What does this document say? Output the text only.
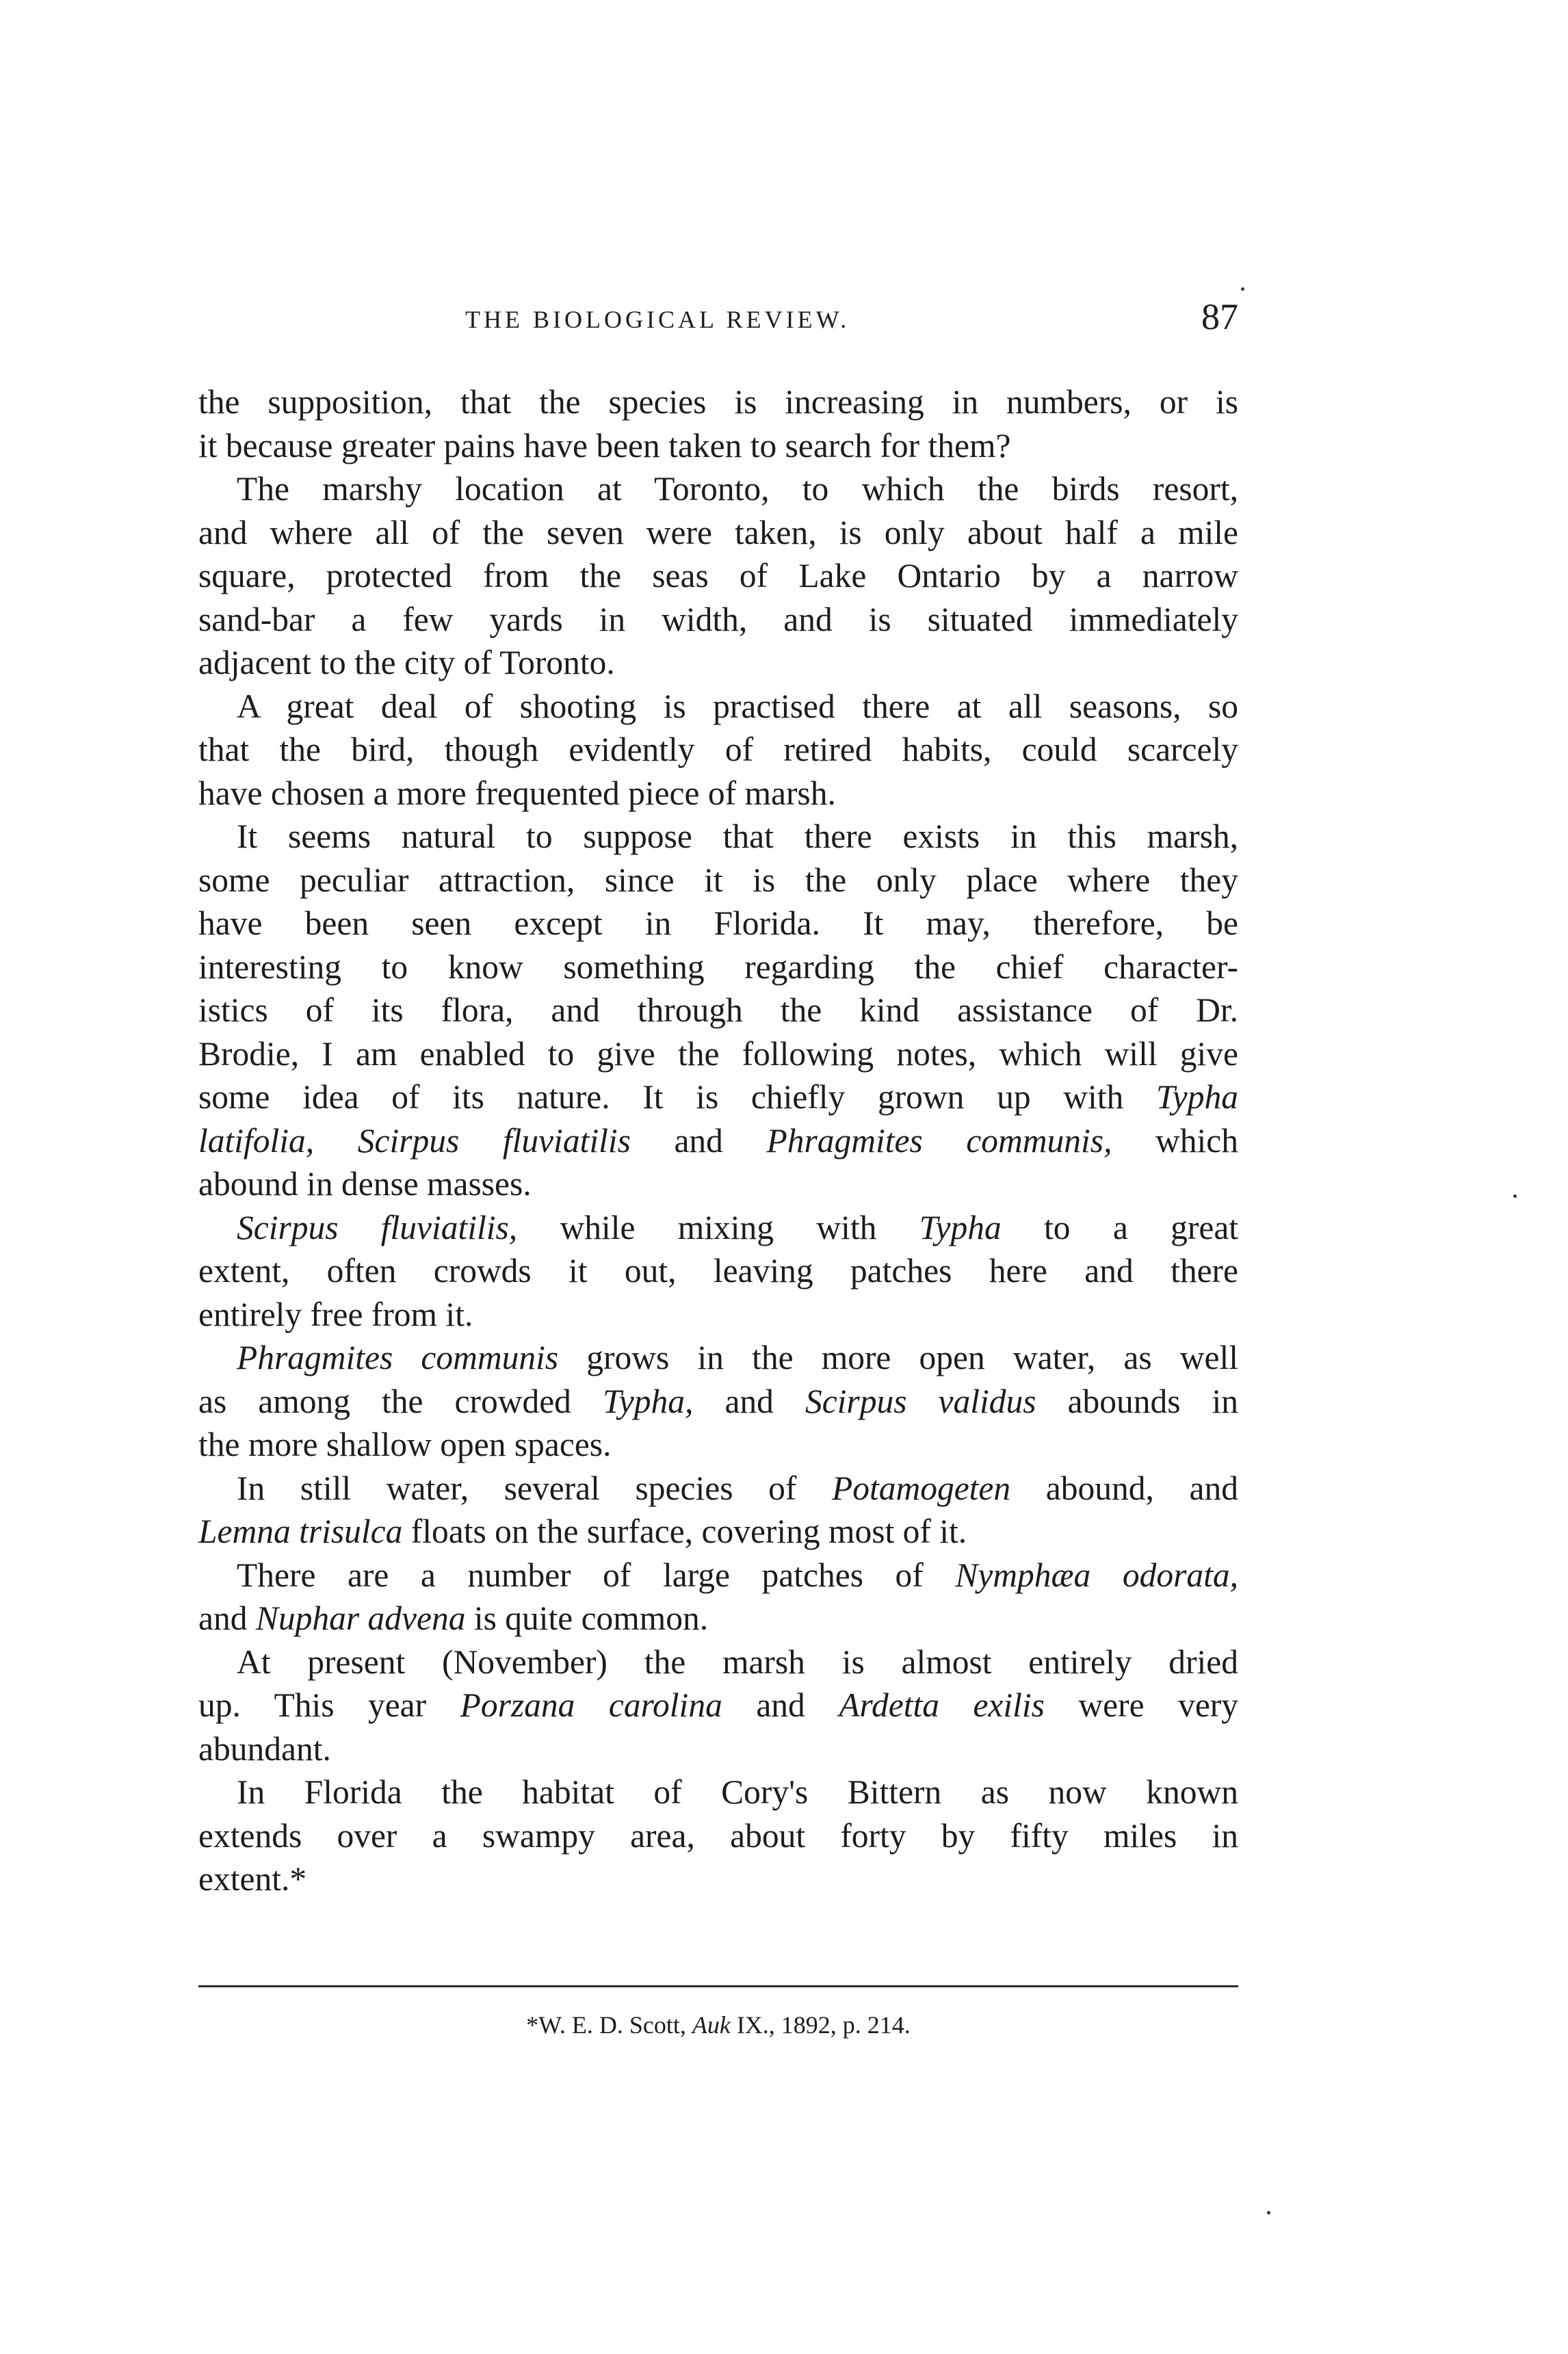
THE BIOLOGICAL REVIEW.	87

the supposition, that the species is increasing in numbers, or is
it because greater pains have been taken to search for them?

The marshy location at Toronto, to which the birds resort,
and where all of the seven were taken, is only about half a mile
square, protected from the seas of Lake Ontario by a narrow
sand-bar a few yards in width, and is situated immediately
adjacent to the city of Toronto.

A great deal of shooting is practised there at all seasons, so
that the bird, though evidently of retired habits, could scarcely
have chosen a more frequented piece of marsh.

It seems natural to suppose that there exists in this marsh,
some peculiar attraction, since it is the only place where they
have been seen except in Florida. It may, therefore, be
interesting to know something regarding the chief character-
istics of its flora, and through the kind assistance of Dr.
Brodie, I am enabled to give the following notes, which will give
some idea of its nature. It is chiefly grown up with Typha
latifolia, Scirpus fluviatilis and Phragmites communis, which
abound in dense masses.

Scirpus fluviatilis, while mixing with Typha to a great
extent, often crowds it out, leaving patches here and there
entirely free from it.

Phragmites communis grows in the more open water, as well
as among the crowded Typha, and Scirpus validus abounds in
the more shallow open spaces.

In still water, several species of Potamogeten abound, and
Lemna trisulca floats on the surface, covering most of it.

There are a number of large patches of Nymphæa odorata,
and Nuphar advena is quite common.

At present (November) the marsh is almost entirely dried
up. This year Porzana carolina and Ardetta exilis were very
abundant.

In Florida the habitat of Cory's Bittern as now known
extends over a swampy area, about forty by fifty miles in
extent.*

*W. E. D. Scott, Auk IX., 1892, p. 214.
